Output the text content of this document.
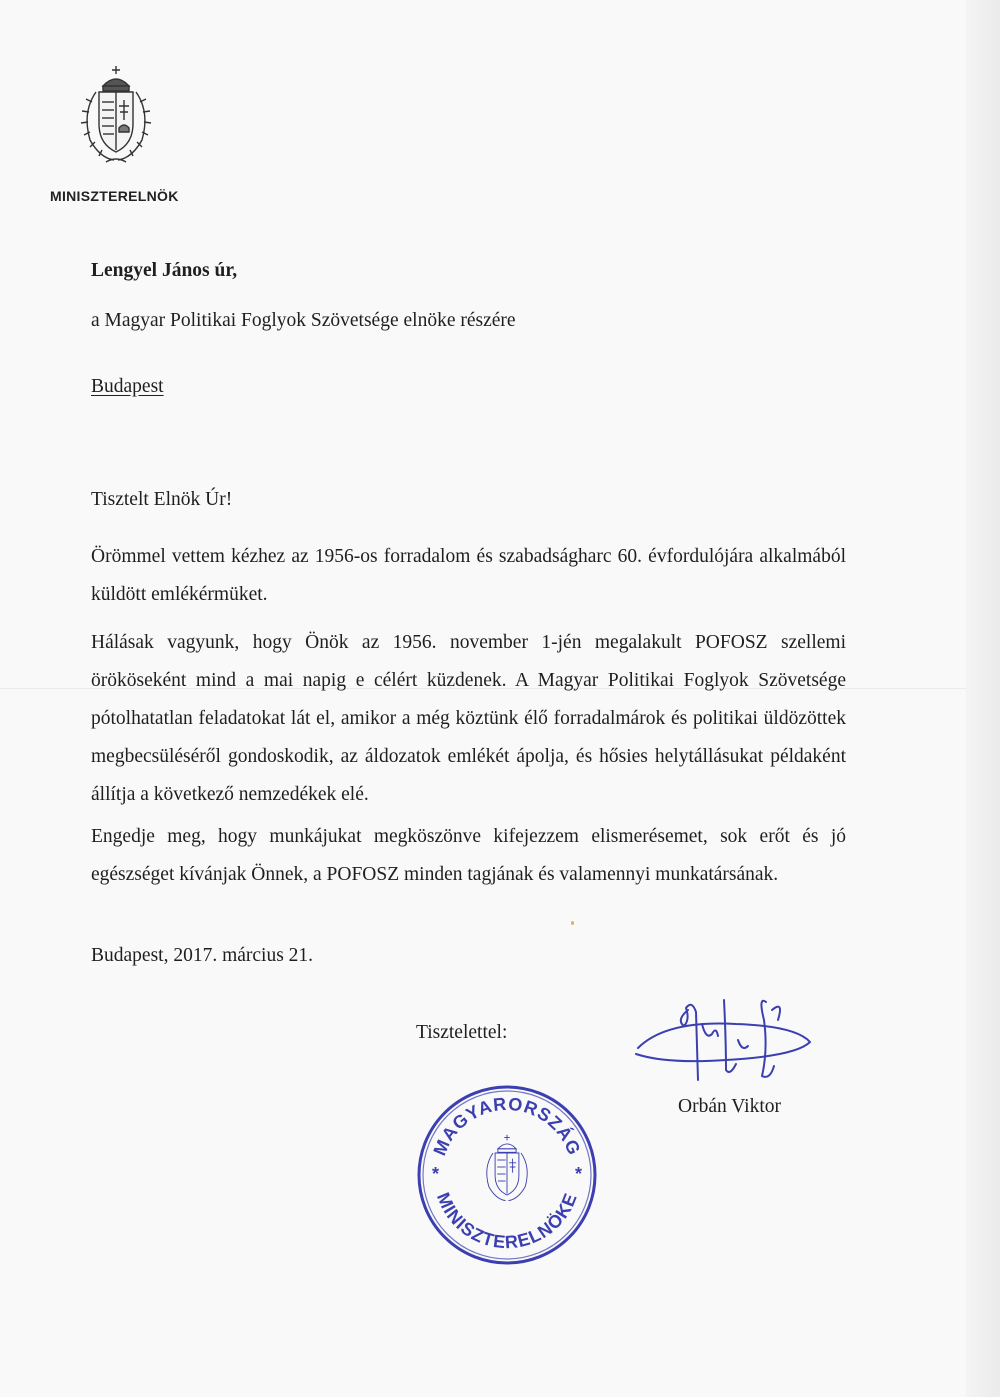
MINISZTERELNÖK
Lengyel János úr,
a Magyar Politikai Foglyok Szövetsége elnöke részére
Budapest
Tisztelt Elnök Úr!
Örömmel vettem kézhez az 1956-os forradalom és szabadságharc 60. évfordulójára alkalmából küldött emlékérmüket.
Hálásak vagyunk, hogy Önök az 1956. november 1-jén megalakult POFOSZ szellemi örököseként mind a mai napig e célért küzdenek. A Magyar Politikai Foglyok Szövetsége pótolhatatlan feladatokat lát el, amikor a még köztünk élő forradalmárok és politikai üldözöttek megbecsüléséről gondoskodik, az áldozatok emlékét ápolja, és hősies helytállásukat példaként állítja a következő nemzedékek elé.
Engedje meg, hogy munkájukat megköszönve kifejezzem elismerésemet, sok erőt és jó egészséget kívánjak Önnek, a POFOSZ minden tagjának és valamennyi munkatársának.
Budapest, 2017. március 21.
Tisztelettel:
Orbán Viktor
MAGYARORSZÁG
MINISZTERELNÖKE
*	*
